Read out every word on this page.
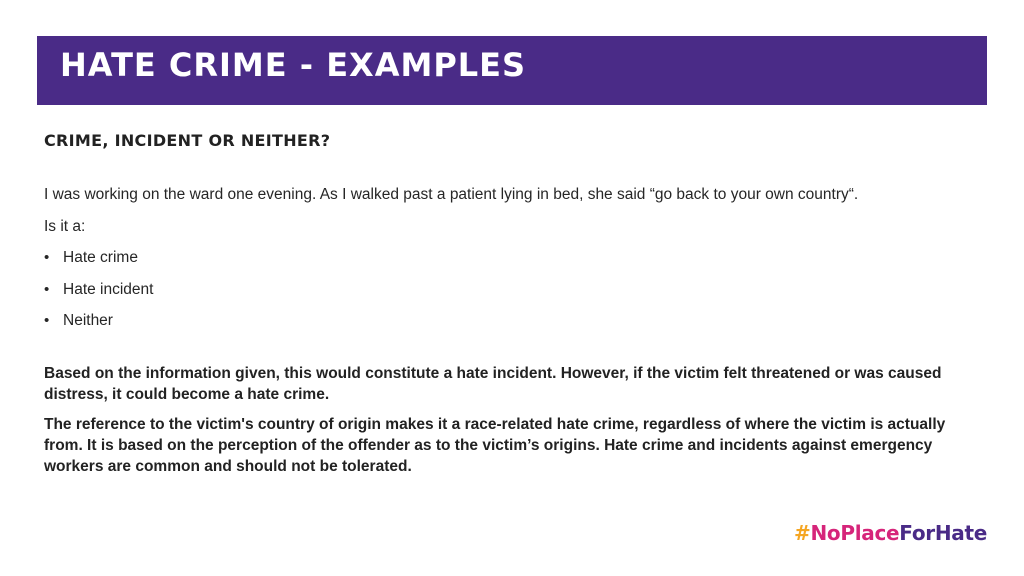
HATE CRIME - EXAMPLES
CRIME, INCIDENT OR NEITHER?

I was working on the ward one evening. As I walked past a patient lying in bed, she said “go back to your own country“.

Is it a:

• Hate crime
• Hate incident
• Neither

Based on the information given, this would constitute a hate incident. However, if the victim felt threatened or was caused distress, it could become a hate crime.

The reference to the victim's country of origin makes it a race-related hate crime, regardless of where the victim is actually from. It is based on the perception of the offender as to the victim’s origins. Hate crime and incidents against emergency workers are common and should not be tolerated.

#NoPlaceForHate
